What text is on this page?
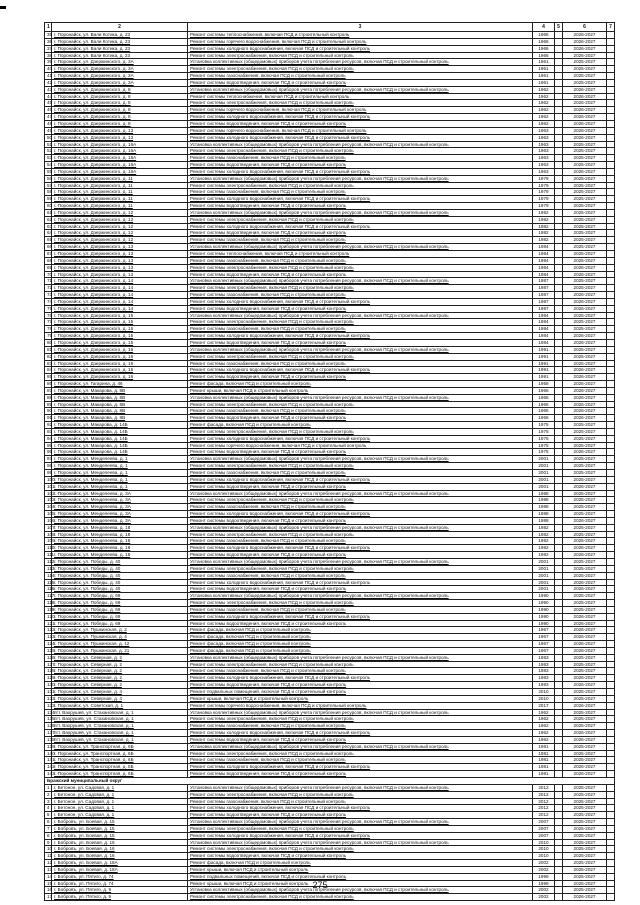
1	2	3	4	5	6	7
35	г. Поронайск, ул. Вали Котика, д. 23	Ремонт системы теплоснабжения, включая ПСД и строительный контроль	1966		2026-2027	
36	г. Поронайск, ул. Вали Котика, д. 23	Ремонт системы горячего водоснабжения, включая ПСД и строительный контроль	1966		2026-2027	
37	г. Поронайск, ул. Вали Котика, д. 23	Ремонт системы холодного водоснабжения, включая ПСД и строительный контроль	1966		2026-2027	
38	г. Поронайск, ул. Вали Котика, д. 23	Ремонт системы электроснабжения, включая ПСД и строительный контроль	1966		2026-2027	
39	г. Поронайск, ул. Дзержинского, д. 3А	Установка коллективных (общедомовых) приборов учета потребления ресурсов, включая ПСД и строительный контроль	1961		2025-2027	
40	г. Поронайск, ул. Дзержинского, д. 3А	Ремонт системы электроснабжения, включая ПСД и строительный контроль	1961		2025-2027	
41	г. Поронайск, ул. Дзержинского, д. 3А	Ремонт системы газоснабжения, включая ПСД и строительный контроль	1961		2025-2027	
42	г. Поронайск, ул. Дзержинского, д. 3А	Ремонт системы водоотведения, включая ПСД и строительный контроль	1961		2025-2027	
43	г. Поронайск, ул. Дзержинского, д. 8	Установка коллективных (общедомовых) приборов учета потребления ресурсов, включая ПСД и строительный контроль	1962		2026-2027	
44	г. Поронайск, ул. Дзержинского, д. 8	Ремонт системы теплоснабжения, включая ПСД и строительный контроль	1962		2026-2027	
45	г. Поронайск, ул. Дзержинского, д. 8	Ремонт системы электроснабжения, включая ПСД и строительный контроль	1962		2026-2027	
46	г. Поронайск, ул. Дзержинского, д. 8	Ремонт системы горячего водоснабжения, включая ПСД и строительный контроль	1962		2026-2027	
47	г. Поронайск, ул. Дзержинского, д. 8	Ремонт системы холодного водоснабжения, включая ПСД и строительный контроль	1962		2026-2027	
48	г. Поронайск, ул. Дзержинского, д. 8	Ремонт системы водоотведения, включая ПСД и строительный контроль	1962		2026-2027	
49	г. Поронайск, ул. Дзержинского, д. 13	Ремонт системы горячего водоснабжения, включая ПСД и строительный контроль	1963		2026-2027	
50	г. Поронайск, ул. Дзержинского, д. 13	Ремонт системы холодного водоснабжения, включая ПСД и строительный контроль	1963		2026-2027	
51	г. Поронайск, ул. Дзержинского, д. 16А	Установка коллективных (общедомовых) приборов учета потребления ресурсов, включая ПСД и строительный контроль	1963		2025-2027	
52	г. Поронайск, ул. Дзержинского, д. 16А	Ремонт системы электроснабжения, включая ПСД и строительный контроль	1963		2025-2027	
53	г. Поронайск, ул. Дзержинского, д. 16А	Ремонт системы газоснабжения, включая ПСД и строительный контроль	1963		2025-2027	
54	г. Поронайск, ул. Дзержинского, д. 16А	Ремонт системы водоотведения, включая ПСД и строительный контроль	1963		2025-2027	
55	г. Поронайск, ул. Дзержинского, д. 16А	Ремонт системы холодного водоснабжения, включая ПСД и строительный контроль	1963		2026-2027	
56	г. Поронайск, ул. Дзержинского, д. 11	Установка коллективных (общедомовых) приборов учета потребления ресурсов, включая ПСД и строительный контроль	1979		2025-2027	
57	г. Поронайск, ул. Дзержинского, д. 11	Ремонт системы электроснабжения, включая ПСД и строительный контроль	1979		2025-2027	
58	г. Поронайск, ул. Дзержинского, д. 11	Ремонт системы газоснабжения, включая ПСД и строительный контроль	1979		2025-2027	
59	г. Поронайск, ул. Дзержинского, д. 11	Ремонт системы холодного водоснабжения, включая ПСД и строительный контроль	1979		2025-2027	
60	г. Поронайск, ул. Дзержинского, д. 11	Ремонт системы водоотведения, включая ПСД и строительный контроль	1979		2025-2027	
61	г. Поронайск, ул. Дзержинского, д. 12	Установка коллективных (общедомовых) приборов учета потребления ресурсов, включая ПСД и строительный контроль	1982		2025-2027	
62	г. Поронайск, ул. Дзержинского, д. 12	Ремонт системы электроснабжения, включая ПСД и строительный контроль	1982		2025-2027	
63	г. Поронайск, ул. Дзержинского, д. 12	Ремонт системы холодного водоснабжения, включая ПСД и строительный контроль	1982		2025-2027	
64	г. Поронайск, ул. Дзержинского, д. 12	Ремонт системы водоотведения, включая ПСД и строительный контроль	1982		2025-2027	
65	г. Поронайск, ул. Дзержинского, д. 12	Ремонт системы газоснабжения, включая ПСД и строительный контроль	1982		2025-2027	
66	г. Поронайск, ул. Дзержинского, д. 13	Установка коллективных (общедомовых) приборов учета потребления ресурсов, включая ПСД и строительный контроль	1984		2025-2027	
67	г. Поронайск, ул. Дзержинского, д. 13	Ремонт системы теплоснабжения, включая ПСД и строительный контроль	1984		2025-2027	
68	г. Поронайск, ул. Дзержинского, д. 13	Ремонт системы газоснабжения, включая ПСД и строительный контроль	1984		2025-2027	
69	г. Поронайск, ул. Дзержинского, д. 13	Ремонт системы электроснабжения, включая ПСД и строительный контроль	1984		2026-2027	
70	г. Поронайск, ул. Дзержинского, д. 13	Ремонт системы водоотведения, включая ПСД и строительный контроль	1984		2026-2027	
71	г. Поронайск, ул. Дзержинского, д. 14	Установка коллективных (общедомовых) приборов учета потребления ресурсов, включая ПСД и строительный контроль	1987		2025-2027	
72	г. Поронайск, ул. Дзержинского, д. 14	Ремонт системы электроснабжения, включая ПСД и строительный контроль	1987		2025-2027	
73	г. Поронайск, ул. Дзержинского, д. 14	Ремонт системы газоснабжения, включая ПСД и строительный контроль	1987		2026-2027	
74	г. Поронайск, ул. Дзержинского, д. 14	Ремонт системы холодного водоснабжения, включая ПСД и строительный контроль	1987		2026-2027	
75	г. Поронайск, ул. Дзержинского, д. 14	Ремонт системы водоотведения, включая ПСД и строительный контроль	1987		2026-2027	
76	г. Поронайск, ул. Дзержинского, д. 15	Установка коллективных (общедомовых) приборов учета потребления ресурсов, включая ПСД и строительный контроль	1984		2025-2027	
77	г. Поронайск, ул. Дзержинского, д. 15	Ремонт системы электроснабжения, включая ПСД и строительный контроль	1984		2025-2027	
78	г. Поронайск, ул. Дзержинского, д. 15	Ремонт системы газоснабжения, включая ПСД и строительный контроль	1984		2025-2027	
79	г. Поронайск, ул. Дзержинского, д. 15	Ремонт системы холодного водоснабжения, включая ПСД и строительный контроль	1984		2026-2027	
80	г. Поронайск, ул. Дзержинского, д. 15	Ремонт системы водоотведения, включая ПСД и строительный контроль	1984		2026-2027	
81	г. Поронайск, ул. Дзержинского, д. 16	Установка коллективных (общедомовых) приборов учета потребления ресурсов, включая ПСД и строительный контроль	1991		2025-2027	
82	г. Поронайск, ул. Дзержинского, д. 16	Ремонт системы электроснабжения, включая ПСД и строительный контроль	1991		2025-2027	
83	г. Поронайск, ул. Дзержинского, д. 16	Ремонт системы газоснабжения, включая ПСД и строительный контроль	1991		2025-2027	
84	г. Поронайск, ул. Дзержинского, д. 16	Ремонт системы холодного водоснабжения, включая ПСД и строительный контроль	1991		2026-2027	
85	г. Поронайск, ул. Дзержинского, д. 16	Ремонт системы водоотведения, включая ПСД и строительный контроль	1991		2026-2027	
86	г. Поронайск, ул. Гагарина, д. 46	Ремонт фасада, включая ПСД и строительный контроль	1958		2026-2027	
87	г. Поронайск, ул. Макарова, д. 8В	Ремонт крыши, включая ПСД и строительный контроль	1966		2026-2027	
88	г. Поронайск, ул. Макарова, д. 8В	Установка коллективных (общедомовых) приборов учета потребления ресурсов, включая ПСД и строительный контроль	1966		2026-2027	
89	г. Поронайск, ул. Макарова, д. 8В	Ремонт системы электроснабжения, включая ПСД и строительный контроль	1966		2026-2027	
90	г. Поронайск, ул. Макарова, д. 8В	Ремонт системы газоснабжения, включая ПСД и строительный контроль	1966		2026-2027	
91	г. Поронайск, ул. Макарова, д. 8В	Ремонт системы водоотведения, включая ПСД и строительный контроль	1966		2026-2027	
92	г. Поронайск, ул. Макарова, д. 14Б	Ремонт фасада, включая ПСД и строительный контроль	1975		2025-2027	
93	г. Поронайск, ул. Макарова, д. 14Б	Ремонт системы электроснабжения, включая ПСД и строительный контроль	1975		2025-2027	
94	г. Поронайск, ул. Макарова, д. 14Б	Ремонт системы холодного водоснабжения, включая ПСД и строительный контроль	1975		2025-2027	
95	г. Поронайск, ул. Макарова, д. 14Б	Ремонт системы горячего водоснабжения, включая ПСД и строительный контроль	1975		2025-2027	
96	г. Поронайск, ул. Макарова, д. 14Б	Ремонт системы водоотведения, включая ПСД и строительный контроль	1975		2026-2027	
97	г. Поронайск, ул. Менделеева, д. 1	Установка коллективных (общедомовых) приборов учета потребления ресурсов, включая ПСД и строительный контроль	2001		2025-2027	
98	г. Поронайск, ул. Менделеева, д. 1	Ремонт системы электроснабжения, включая ПСД и строительный контроль	2001		2025-2027	
99	г. Поронайск, ул. Менделеева, д. 1	Ремонт системы газоснабжения, включая ПСД и строительный контроль	2001		2025-2027	
100	г. Поронайск, ул. Менделеева, д. 1	Ремонт системы холодного водоснабжения, включая ПСД и строительный контроль	2001		2025-2027	
101	г. Поронайск, ул. Менделеева, д. 1	Ремонт системы водоотведения, включая ПСД и строительный контроль	2001		2026-2027	
102	г. Поронайск, ул. Менделеева, д. 3А	Установка коллективных (общедомовых) приборов учета потребления ресурсов, включая ПСД и строительный контроль	1988		2025-2027	
103	г. Поронайск, ул. Менделеева, д. 3А	Ремонт системы электроснабжения, включая ПСД и строительный контроль	1988		2025-2027	
104	г. Поронайск, ул. Менделеева, д. 3А	Ремонт системы газоснабжения, включая ПСД и строительный контроль	1988		2025-2027	
105	г. Поронайск, ул. Менделеева, д. 3А	Ремонт системы холодного водоснабжения, включая ПСД и строительный контроль	1988		2025-2027	
106	г. Поронайск, ул. Менделеева, д. 3А	Ремонт системы водоотведения, включая ПСД и строительный контроль	1988		2026-2027	
107	г. Поронайск, ул. Менделеева, д. 18	Установка коллективных (общедомовых) приборов учета потребления ресурсов, включая ПСД и строительный контроль	1982		2025-2027	
108	г. Поронайск, ул. Менделеева, д. 18	Ремонт системы электроснабжения, включая ПСД и строительный контроль	1982		2025-2027	
109	г. Поронайск, ул. Менделеева, д. 18	Ремонт системы газоснабжения, включая ПСД и строительный контроль	1982		2025-2027	
110	г. Поронайск, ул. Менделеева, д. 18	Ремонт системы холодного водоснабжения, включая ПСД и строительный контроль	1982		2026-2027	
111	г. Поронайск, ул. Менделеева, д. 18	Ремонт системы водоотведения, включая ПСД и строительный контроль	1982		2026-2027	
112	г. Поронайск, ул. Победы, д. 40	Установка коллективных (общедомовых) приборов учета потребления ресурсов, включая ПСД и строительный контроль	2001		2025-2027	
113	г. Поронайск, ул. Победы, д. 40	Ремонт системы электроснабжения, включая ПСД и строительный контроль	2001		2025-2027	
114	г. Поронайск, ул. Победы, д. 40	Ремонт системы газоснабжения, включая ПСД и строительный контроль	2001		2025-2027	
115	г. Поронайск, ул. Победы, д. 40	Ремонт системы холодного водоснабжения, включая ПСД и строительный контроль	2001		2026-2027	
116	г. Поронайск, ул. Победы, д. 40	Ремонт системы водоотведения, включая ПСД и строительный контроль	2001		2026-2027	
117	г. Поронайск, ул. Победы, д. 69	Установка коллективных (общедомовых) приборов учета потребления ресурсов, включая ПСД и строительный контроль	1990		2025-2027	
118	г. Поронайск, ул. Победы, д. 69	Ремонт системы электроснабжения, включая ПСД и строительный контроль	1990		2025-2027	
119	г. Поронайск, ул. Победы, д. 69	Ремонт системы газоснабжения, включая ПСД и строительный контроль	1990		2025-2027	
120	г. Поронайск, ул. Победы, д. 69	Ремонт системы холодного водоснабжения, включая ПСД и строительный контроль	1990		2026-2027	
121	г. Поронайск, ул. Победы, д. 69	Ремонт системы водоотведения, включая ПСД и строительный контроль	1990		2026-2027	
122	г. Поронайск, ул. Пушкинская, д. 2	Ремонт фасада, включая ПСД и строительный контроль	1967		2026-2027	
123	г. Поронайск, ул. Пушкинская, д. 4	Ремонт фасада, включая ПСД и строительный контроль	1967		2026-2027	
124	г. Поронайск, ул. Пушкинская, д. 12	Ремонт фасада, включая ПСД и строительный контроль	1967		2026-2027	
125	г. Поронайск, ул. Пушкинская, д. 21	Ремонт фасада, включая ПСД и строительный контроль	1967		2026-2027	
126	г. Поронайск, ул. Северная, д. 2	Установка коллективных (общедомовых) приборов учета потребления ресурсов, включая ПСД и строительный контроль	1983		2025-2027	
127	г. Поронайск, ул. Северная, д. 2	Ремонт системы электроснабжения, включая ПСД и строительный контроль	1983		2025-2027	
128	г. Поронайск, ул. Северная, д. 2	Ремонт системы газоснабжения, включая ПСД и строительный контроль	1983		2025-2027	
129	г. Поронайск, ул. Северная, д. 2	Ремонт системы холодного водоснабжения, включая ПСД и строительный контроль	1983		2026-2027	
130	г. Поронайск, ул. Северная, д. 2	Ремонт системы водоотведения, включая ПСД и строительный контроль	1983		2026-2027	
131	г. Поронайск, ул. Северная, д. 4	Ремонт подвальных помещений, включая ПСД и строительный контроль	2010		2025-2027	
132	г. Поронайск, ул. Северная, д. 4	Ремонт крыши, включая ПСД и строительный контроль	2010		2025-2027	
133	г. Поронайск, ул. Советская, д. 1	Ремонт системы горячего водоснабжения, включая ПСД и строительный контроль	2017		2026-2027	
134	пгт. Вахрушев, ул. Стахановская, д. 1	Установка коллективных (общедомовых) приборов учета потребления ресурсов, включая ПСД и строительный контроль	1962		2025-2027	
135	пгт. Вахрушев, ул. Стахановская, д. 1	Ремонт системы электроснабжения, включая ПСД и строительный контроль	1962		2025-2027	
136	пгт. Вахрушев, ул. Стахановская, д. 1	Ремонт системы газоснабжения, включая ПСД и строительный контроль	1962		2025-2027	
137	пгт. Вахрушев, ул. Стахановская, д. 1	Ремонт системы холодного водоснабжения, включая ПСД и строительный контроль	1962		2026-2027	
138	пгт. Вахрушев, ул. Стахановская, д. 1	Ремонт системы водоотведения, включая ПСД и строительный контроль	1962		2026-2027	
139	г. Поронайск, ул. Транспортная, д. 6Б	Установка коллективных (общедомовых) приборов учета потребления ресурсов, включая ПСД и строительный контроль	1981		2025-2027	
140	г. Поронайск, ул. Транспортная, д. 6Б	Ремонт системы электроснабжения, включая ПСД и строительный контроль	1981		2025-2027	
141	г. Поронайск, ул. Транспортная, д. 6Б	Ремонт системы газоснабжения, включая ПСД и строительный контроль	1981		2025-2027	
142	г. Поронайск, ул. Транспортная, д. 6Б	Ремонт системы холодного водоснабжения, включая ПСД и строительный контроль	1981		2026-2027	
143	г. Поронайск, ул. Транспортная, д. 6Б	Ремонт системы водоотведения, включая ПСД и строительный контроль	1981		2026-2027	
Бражский муниципальный округ						
1	г. Бетонон, ул. Садовая, д. 1	Установка коллективных (общедомовых) приборов учета потребления ресурсов, включая ПСД и строительный контроль	2012		2025-2027	
2	г. Бетонон, ул. Садовая, д. 1	Ремонт системы электроснабжения, включая ПСД и строительный контроль	2012		2025-2027	
3	г. Бетонон, ул. Садовая, д. 1	Ремонт системы газоснабжения, включая ПСД и строительный контроль	2012		2025-2027	
4	г. Бетонон, ул. Садовая, д. 1	Ремонт системы холодного водоснабжения, включая ПСД и строительный контроль	2012		2025-2027	
5	г. Бетонон, ул. Садовая, д. 1	Ремонт системы водоотведения, включая ПСД и строительный контроль	2012		2025-2027	
6	г. Бобровъ, ул. Боевая, д. 15	Установка коллективных (общедомовых) приборов учета потребления ресурсов, включая ПСД и строительный контроль	2007		2025-2027	
7	г. Бобровъ, ул. Боевая, д. 15	Ремонт системы электроснабжения, включая ПСД и строительный контроль	2007		2025-2027	
8	г. Бобровъ, ул. Боевая, д. 15	Ремонт системы холодного водоснабжения, включая ПСД и строительный контроль	2007		2025-2027	
9	г. Бобровъ, ул. Боевая, д. 16	Установка коллективных (общедомовых) приборов учета потребления ресурсов, включая ПСД и строительный контроль	2010		2025-2027	
10	г. Бобровъ, ул. Боевая, д. 16	Ремонт системы электроснабжения, включая ПСД и строительный контроль	2010		2025-2027	
11	г. Бобровъ, ул. Боевая, д. 16	Ремонт системы водоотведения, включая ПСД и строительный контроль	2010		2025-2027	
12	г. Бобровъ, ул. Боевая, д. 18А	Ремонт фасада, включая ПСД и строительный контроль	2002		2025-2027	
13	г. Бобровъ, ул. Боевая, д. 18А	Ремонт крыши, включая ПСД и строительный контроль	2002		2025-2027	
14	г. Бобровъ, ул. Пятиго, д. 74	Ремонт подвальных помещений, включая ПСД и строительный контроль	1999		2025-2027	
15	г. Бобровъ, ул. Пятиго, д. 74	Ремонт крыши, включая ПСД и строительный контроль	1999		2025-2027	
16	г. Бобровъ, ул. Пятиго, д. 9	Установка коллективных (общедомовых) приборов учета потребления ресурсов, включая ПСД и строительный контроль	2002		2025-2027	
17	г. Бобровъ, ул. Пятиго, д. 9	Ремонт системы электроснабжения, включая ПСД и строительный контроль	2002		2026-2027	
275
